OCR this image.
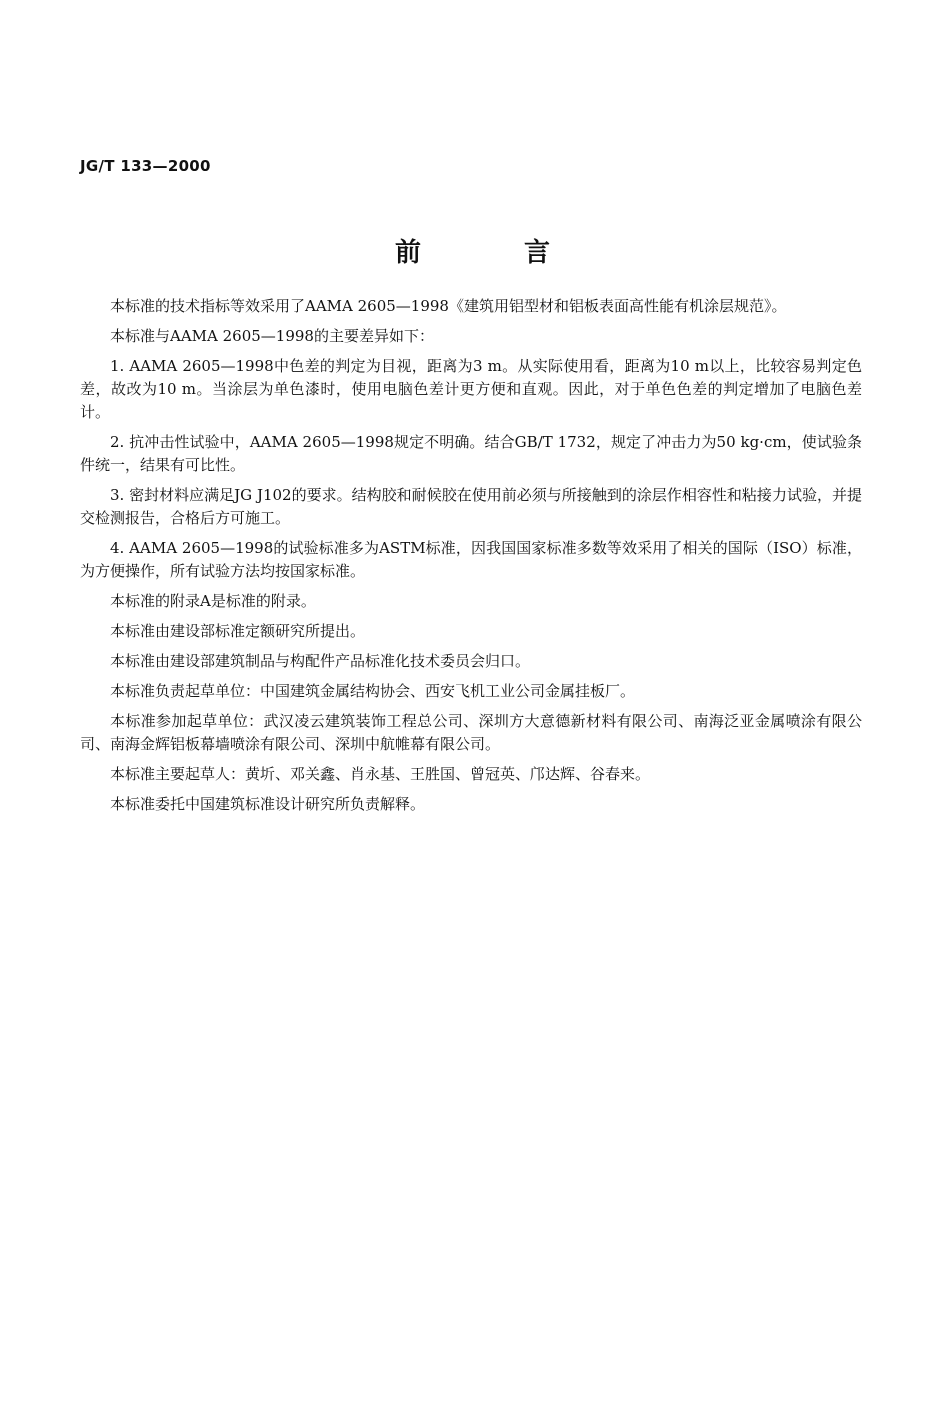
JG/T 133—2000
前	言

本标准的技术指标等效采用了AAMA 2605—1998《建筑用铝型材和铝板表面高性能有机涂层规范》。

本标准与AAMA 2605—1998的主要差异如下：

1. AAMA 2605—1998中色差的判定为目视，距离为3 m。从实际使用看，距离为10 m以上，比较容易判定色差，故改为10 m。当涂层为单色漆时，使用电脑色差计更方便和直观。因此，对于单色色差的判定增加了电脑色差计。

2. 抗冲击性试验中，AAMA 2605—1998规定不明确。结合GB/T 1732，规定了冲击力为50 kg·cm，使试验条件统一，结果有可比性。

3. 密封材料应满足JG J102的要求。结构胶和耐候胶在使用前必须与所接触到的涂层作相容性和粘接力试验，并提交检测报告，合格后方可施工。

4. AAMA 2605—1998的试验标准多为ASTM标准，因我国国家标准多数等效采用了相关的国际（ISO）标准，为方便操作，所有试验方法均按国家标准。

本标准的附录A是标准的附录。

本标准由建设部标准定额研究所提出。

本标准由建设部建筑制品与构配件产品标准化技术委员会归口。

本标准负责起草单位：中国建筑金属结构协会、西安飞机工业公司金属挂板厂。

本标准参加起草单位：武汉凌云建筑装饰工程总公司、深圳方大意德新材料有限公司、南海泛亚金属喷涂有限公司、南海金辉铝板幕墙喷涂有限公司、深圳中航帷幕有限公司。

本标准主要起草人：黄圻、邓关鑫、肖永基、王胜国、曾冠英、邝达辉、谷春来。

本标准委托中国建筑标准设计研究所负责解释。
